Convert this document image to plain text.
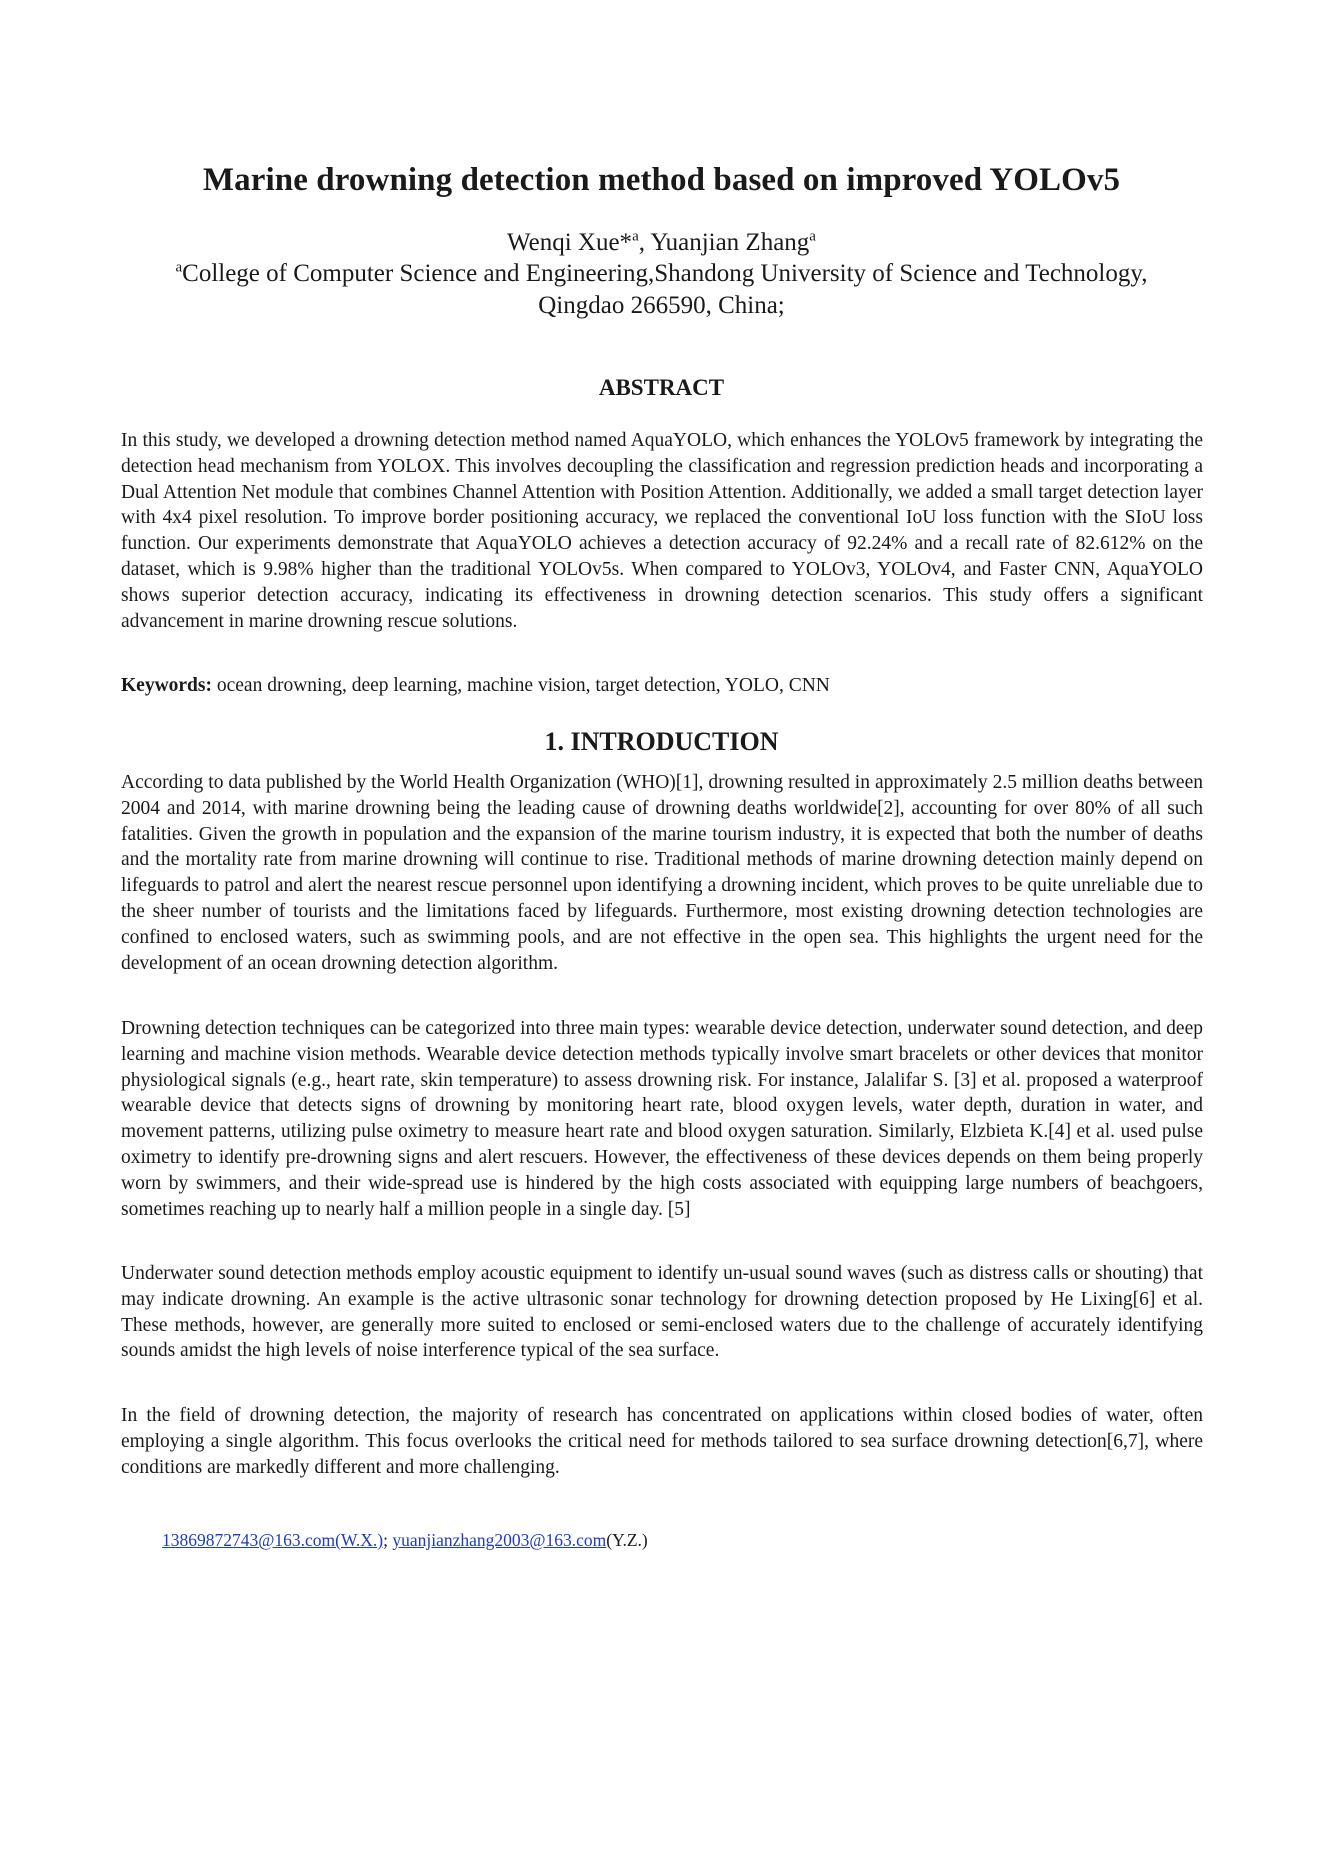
Marine drowning detection method based on improved YOLOv5
Wenqi Xue*$^a$, Yuanjian Zhang$^a$
$^a$College of Computer Science and Engineering,Shandong University of Science and Technology,
Qingdao 266590, China;
ABSTRACT

In this study, we developed a drowning detection method named AquaYOLO, which enhances the YOLOv5 framework by integrating the detection head mechanism from YOLOX. This involves decoupling the classification and regression prediction heads and incorporating a Dual Attention Net module that combines Channel Attention with Position Attention. Additionally, we added a small target detection layer with 4x4 pixel resolution. To improve border positioning accuracy, we replaced the conventional IoU loss function with the SIoU loss function. Our experiments demonstrate that AquaYOLO achieves a detection accuracy of 92.24% and a recall rate of 82.612% on the dataset, which is 9.98% higher than the traditional YOLOv5s. When compared to YOLOv3, YOLOv4, and Faster CNN, AquaYOLO shows superior detection accuracy, indicating its effectiveness in drowning detection scenarios. This study offers a significant advancement in marine drowning rescue solutions.

Keywords: ocean drowning, deep learning, machine vision, target detection, YOLO, CNN

1. INTRODUCTION

According to data published by the World Health Organization (WHO)[1], drowning resulted in approximately 2.5 million deaths between 2004 and 2014, with marine drowning being the leading cause of drowning deaths worldwide[2], accounting for over 80% of all such fatalities. Given the growth in population and the expansion of the marine tourism industry, it is expected that both the number of deaths and the mortality rate from marine drowning will continue to rise. Traditional methods of marine drowning detection mainly depend on lifeguards to patrol and alert the nearest rescue personnel upon identifying a drowning incident, which proves to be quite unreliable due to the sheer number of tourists and the limitations faced by lifeguards. Furthermore, most existing drowning detection technologies are confined to enclosed waters, such as swimming pools, and are not effective in the open sea. This highlights the urgent need for the development of an ocean drowning detection algorithm.

Drowning detection techniques can be categorized into three main types: wearable device detection, underwater sound detection, and deep learning and machine vision methods. Wearable device detection methods typically involve smart bracelets or other devices that monitor physiological signals (e.g., heart rate, skin temperature) to assess drowning risk. For instance, Jalalifar S. [3] et al. proposed a waterproof wearable device that detects signs of drowning by monitoring heart rate, blood oxygen levels, water depth, duration in water, and movement patterns, utilizing pulse oximetry to measure heart rate and blood oxygen saturation. Similarly, Elzbieta K.[4] et al. used pulse oximetry to identify pre-drowning signs and alert rescuers. However, the effectiveness of these devices depends on them being properly worn by swimmers, and their wide-spread use is hindered by the high costs associated with equipping large numbers of beachgoers, sometimes reaching up to nearly half a million people in a single day. [5]

Underwater sound detection methods employ acoustic equipment to identify un-usual sound waves (such as distress calls or shouting) that may indicate drowning. An example is the active ultrasonic sonar technology for drowning detection proposed by He Lixing[6] et al. These methods, however, are generally more suited to enclosed or semi-enclosed waters due to the challenge of accurately identifying sounds amidst the high levels of noise interference typical of the sea surface.

In the field of drowning detection, the majority of research has concentrated on applications within closed bodies of water, often employing a single algorithm. This focus overlooks the critical need for methods tailored to sea surface drowning detection[6,7], where conditions are markedly different and more challenging.

13869872743@163.com(W.X.); yuanjianzhang2003@163.com(Y.Z.)
